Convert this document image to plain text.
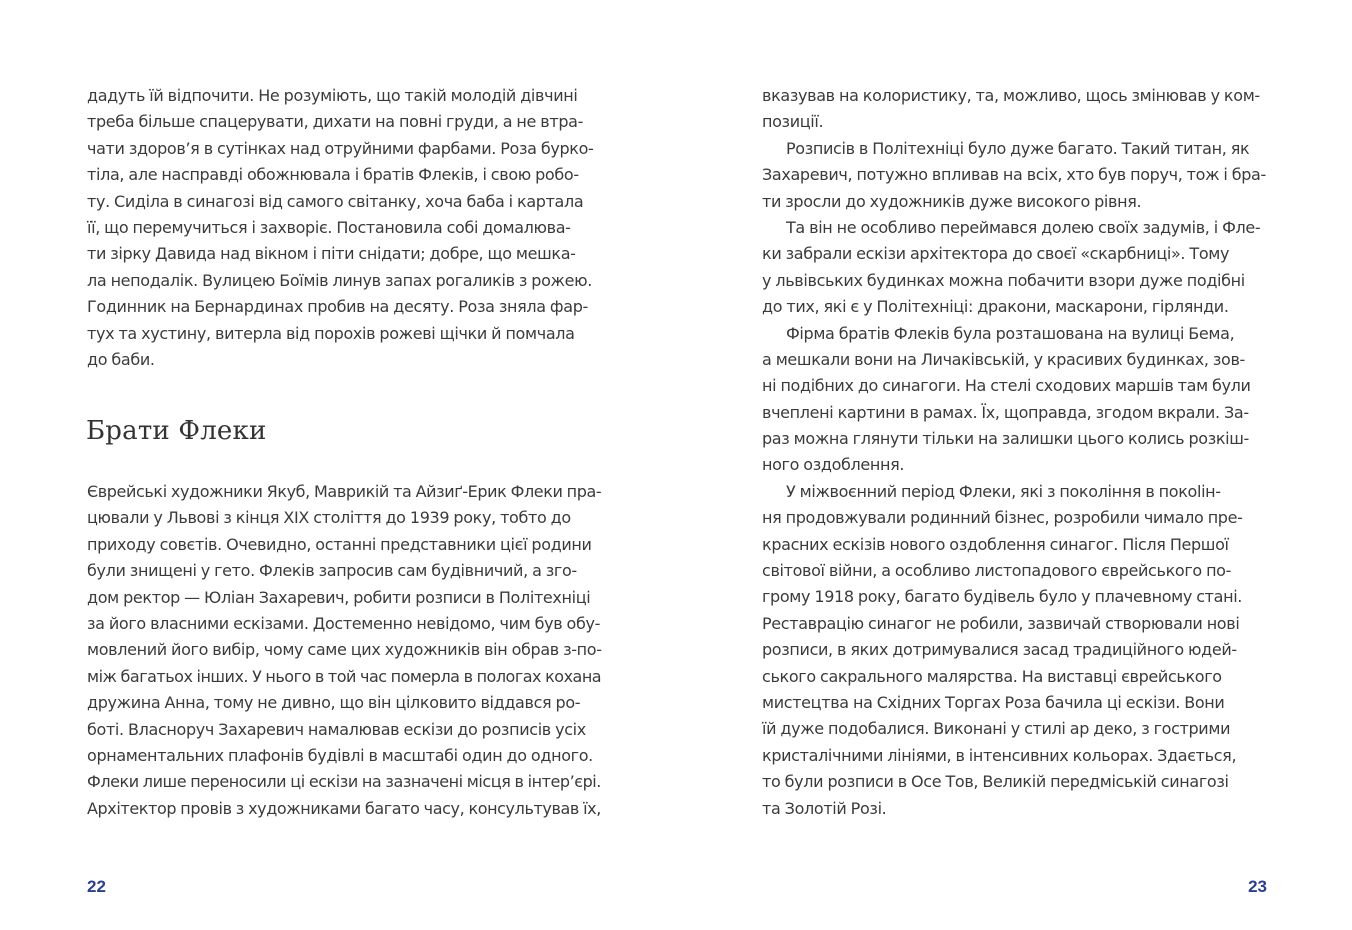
дадуть їй відпочити. Не розуміють, що такій молодій дівчині
треба більше спацерувати, дихати на повні груди, а не втра-
чати здоров’я в сутінках над отруйними фарбами. Роза бурко-
тіла, але насправді обожнювала і братів Флеків, і свою робо-
ту. Сиділа в синагозі від самого світанку, хоча баба і картала
її, що перемучиться і захворіє. Постановила собі домалюва-
ти зірку Давида над вікном і піти снідати; добре, що мешка-
ла неподалік. Вулицею Боїмів линув запах рогаликів з рожею.
Годинник на Бернардинах пробив на десяту. Роза зняла фар-
тух та хустину, витерла від порохів рожеві щічки й помчала
до баби.
Брати Флеки
Єврейські художники Якуб, Маврикій та Айзиґ-Ерик Флеки пра-
цювали у Львові з кінця XIX століття до 1939 року, тобто до
приходу совєтів. Очевидно, останні представники цієї родини
були знищені у гето. Флеків запросив сам будівничий, а зго-
дом ректор — Юліан Захаревич, робити розписи в Політехніці
за його власними ескізами. Достеменно невідомо, чим був обу-
мовлений його вибір, чому саме цих художників він обрав з-по-
між багатьох інших. У нього в той час померла в пологах кохана
дружина Анна, тому не дивно, що він цілковито віддався ро-
боті. Власноруч Захаревич намалював ескізи до розписів усіх
орнаментальних плафонів будівлі в масштабі один до одного.
Флеки лише переносили ці ескізи на зазначені місця в інтер’єрі.
Архітектор провів з художниками багато часу, консультував їх,
22
вказував на колористику, та, можливо, щось змінював у ком-
позиції.
Розписів в Політехніці було дуже багато. Такий титан, як
Захаревич, потужно впливав на всіх, хто був поруч, тож і бра-
ти зросли до художників дуже високого рівня.
Та він не особливо переймався долею своїх задумів, і Фле-
ки забрали ескізи архітектора до своєї «скарбниці». Тому
у львівських будинках можна побачити взори дуже подібні
до тих, які є у Політехніці: дракони, маскарони, гірлянди.
Фірма братів Флеків була розташована на вулиці Бема,
а мешкали вони на Личаківській, у красивих будинках, зов-
ні подібних до синагоги. На стелі сходових маршів там були
вчеплені картини в рамах. Їх, щоправда, згодом вкрали. За-
раз можна глянути тільки на залишки цього колись розкіш-
ного оздоблення.
У міжвоєнний період Флеки, які з покоління в покolін-
ня продовжували родинний бізнес, розробили чимало пре-
красних ескізів нового оздоблення синагог. Після Першої
світової війни, а особливо листопадового єврейського по-
грому 1918 року, багато будівель було у плачевному стані.
Реставрацію синагог не робили, зазвичай створювали нові
розписи, в яких дотримувалися засад традиційного юдей-
ського сакрального малярства. На виставці єврейського
мистецтва на Східних Торгах Роза бачила ці ескізи. Вони
їй дуже подобалися. Виконані у стилі ар деко, з гострими
кристалічними лініями, в інтенсивних кольорах. Здається,
то були розписи в Осе Тов, Великій передміській синагозі
та Золотій Розі.
23
